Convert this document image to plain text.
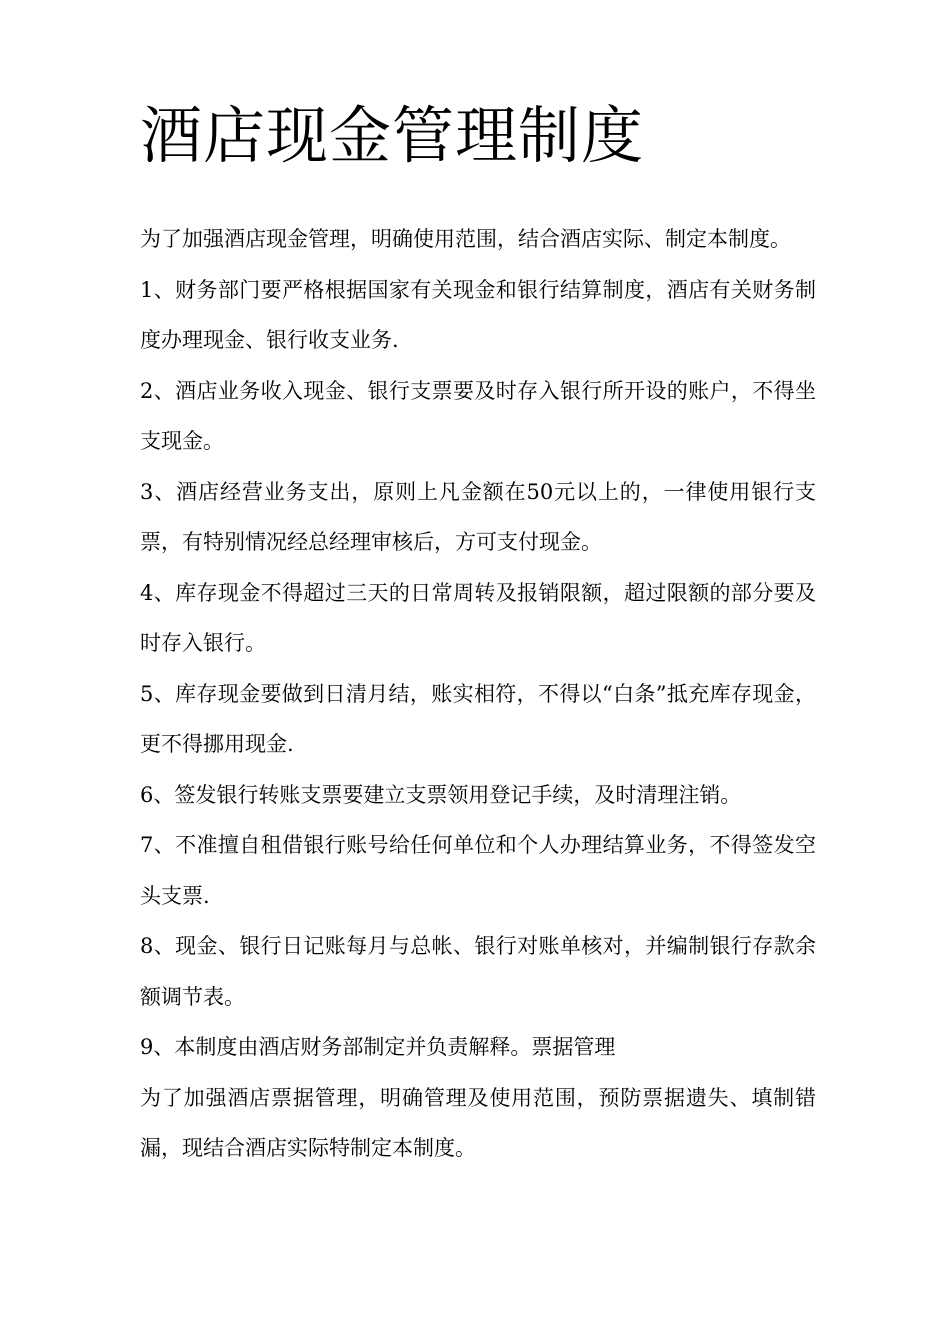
酒店现金管理制度

为了加强酒店现金管理，明确使用范围，结合酒店实际、制定本制度。

1、财务部门要严格根据国家有关现金和银行结算制度，酒店有关财务制度办理现金、银行收支业务.

2、酒店业务收入现金、银行支票要及时存入银行所开设的账户，不得坐支现金。

3、酒店经营业务支出，原则上凡金额在50元以上的，一律使用银行支票，有特别情况经总经理审核后，方可支付现金。

4、库存现金不得超过三天的日常周转及报销限额，超过限额的部分要及时存入银行。

5、库存现金要做到日清月结，账实相符，不得以“白条”抵充库存现金，更不得挪用现金.

6、签发银行转账支票要建立支票领用登记手续，及时清理注销。

7、不准擅自租借银行账号给任何单位和个人办理结算业务，不得签发空头支票.

8、现金、银行日记账每月与总帐、银行对账单核对，并编制银行存款余额调节表。

9、本制度由酒店财务部制定并负责解释。票据管理

为了加强酒店票据管理，明确管理及使用范围，预防票据遗失、填制错漏，现结合酒店实际特制定本制度。
